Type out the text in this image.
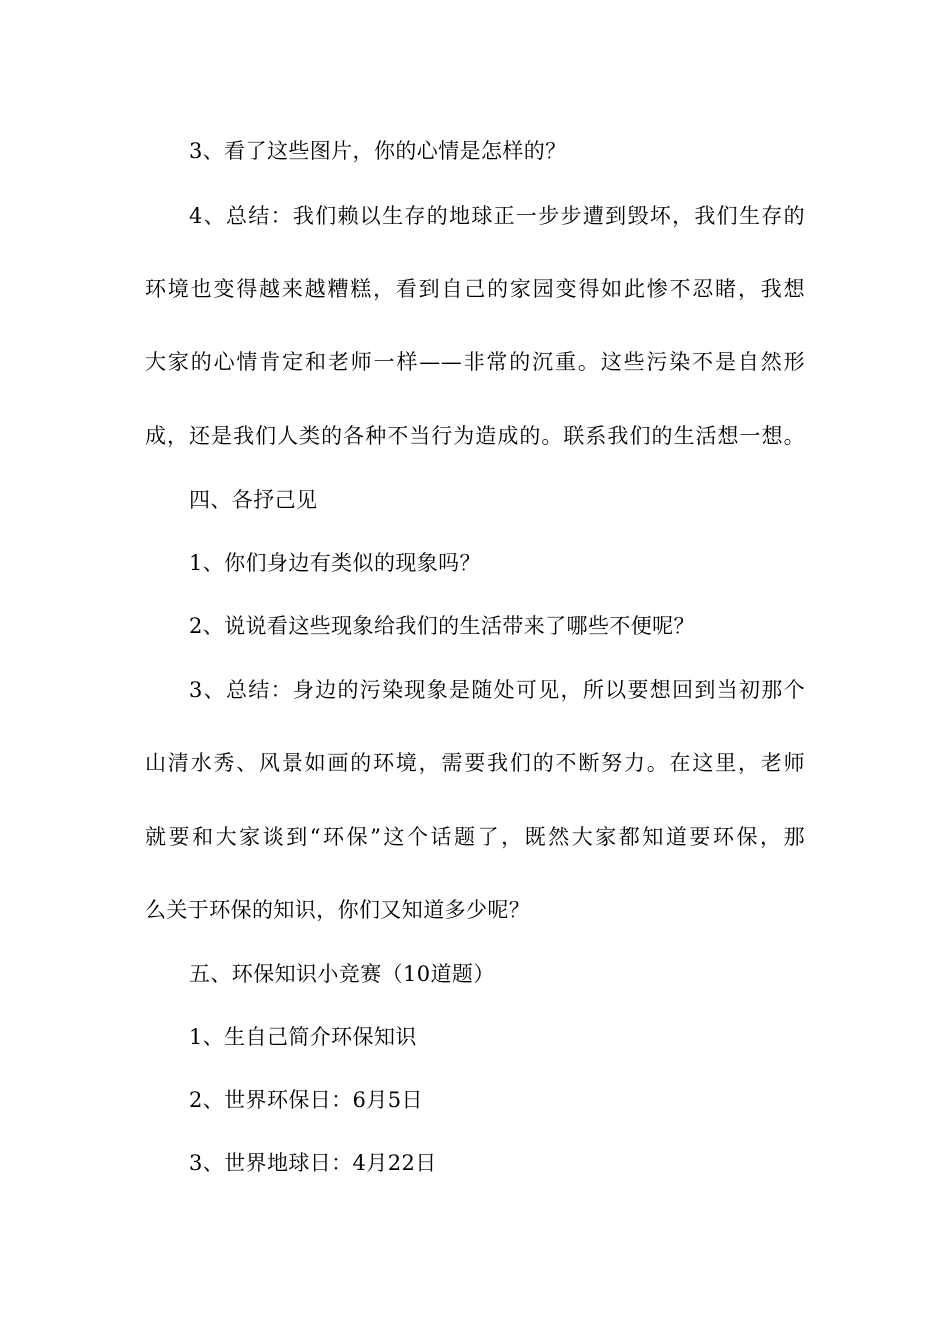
3、看了这些图片，你的心情是怎样的？
4、总结：我们赖以生存的地球正一步步遭到毁坏，我们生存的
环境也变得越来越糟糕，看到自己的家园变得如此惨不忍睹，我想
大家的心情肯定和老师一样——非常的沉重。这些污染不是自然形
成，还是我们人类的各种不当行为造成的。联系我们的生活想一想。
四、各抒己见
1、你们身边有类似的现象吗？
2、说说看这些现象给我们的生活带来了哪些不便呢？
3、总结：身边的污染现象是随处可见，所以要想回到当初那个
山清水秀、风景如画的环境，需要我们的不断努力。在这里，老师
就要和大家谈到“环保”这个话题了，既然大家都知道要环保，那
么关于环保的知识，你们又知道多少呢？
五、环保知识小竞赛（10道题）
1、生自己简介环保知识
2、世界环保日：6月5日
3、世界地球日：4月22日
